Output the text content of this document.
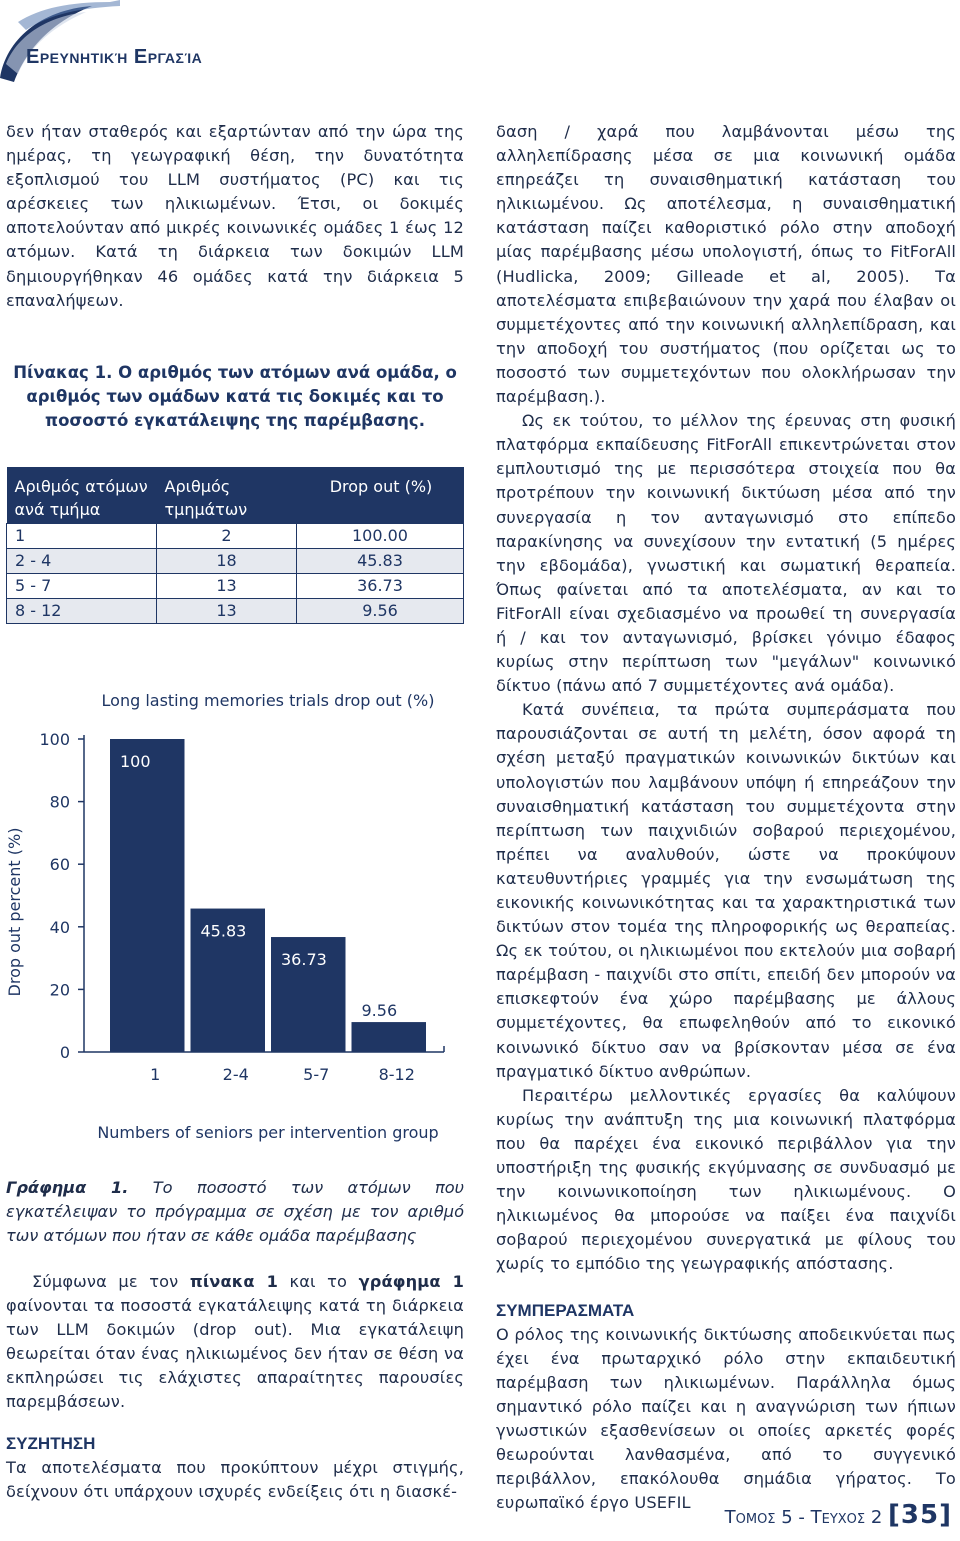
Ερευνητική Εργασία

δεν ήταν σταθερός και εξαρτώνταν από την ώρα της ημέρας, τη γεωγραφική θέση, την δυνατότητα εξοπλισμού του LLM συστήματος (PC) και τις αρέσκειες των ηλικιωμένων. Έτσι, οι δοκιμές αποτελούνταν από μικρές κοινωνικές ομάδες 1 έως 12 ατόμων. Κατά τη διάρκεια των δοκιμών LLM δημιουργήθηκαν 46 ομάδες κατά την διάρκεια 5 επαναλήψεων.

Πίνακας 1. Ο αριθμός των ατόμων ανά ομάδα, ο αριθμός των ομάδων κατά τις δοκιμές και το ποσοστό εγκατάλειψης της παρέμβασης.
Αριθμός ατόμων ανά τμήμα	Αριθμός τμημάτων	Drop out (%)
1	2	100.00
2 - 4	18	45.83
5 - 7	13	36.73
8 - 12	13	9.56
Long lasting memories trials drop out (%)
Drop out percent (%)
Numbers of seniors per intervention group
0
20
40
60
80
100
1	2-4	5-7	8-12
100
45.83
36.73
9.56
Γράφημα 1. Το ποσοστό των ατόμων που εγκατέλειψαν το πρόγραμμα σε σχέση με τον αριθμό των ατόμων που ήταν σε κάθε ομάδα παρέμβασης

Σύμφωνα με τον πίνακα 1 και το γράφημα 1 φαίνονται τα ποσοστά εγκατάλειψης κατά τη διάρκεια των LLM δοκιμών (drop out). Μια εγκατάλειψη θεωρείται όταν ένας ηλικιωμένος δεν ήταν σε θέση να εκπληρώσει τις ελάχιστες απαραίτητες παρουσίες παρεμβάσεων.

ΣΥΖΗΤΗΣΗ

Τα αποτελέσματα που προκύπτουν μέχρι στιγμής, δείχνουν ότι υπάρχουν ισχυρές ενδείξεις ότι η διασκέ-

δαση / χαρά που λαμβάνονται μέσω της αλληλεπίδρασης μέσα σε μια κοινωνική ομάδα επηρεάζει τη συναισθηματική κατάσταση του ηλικιωμένου. Ως αποτέλεσμα, η συναισθηματική κατάσταση παίζει καθοριστικό ρόλο στην αποδοχή μίας παρέμβασης μέσω υπολογιστή, όπως το FitForAll (Hudlicka, 2009; Gilleade et al, 2005). Τα αποτελέσματα επιβεβαιώνουν την χαρά που έλαβαν οι συμμετέχοντες από την κοινωνική αλληλεπίδραση, και την αποδοχή του συστήματος (που ορίζεται ως το ποσοστό των συμμετεχόντων που ολοκλήρωσαν την παρέμβαση.).

Ως εκ τούτου, το μέλλον της έρευνας στη φυσική πλατφόρμα εκπαίδευσης FitForAll επικεντρώνεται στον εμπλουτισμό της με περισσότερα στοιχεία που θα προτρέπουν την κοινωνική δικτύωση μέσα από την συνεργασία η τον ανταγωνισμό στο επίπεδο παρακίνησης να συνεχίσουν την εντατική (5 ημέρες την εβδομάδα), γνωστική και σωματική θεραπεία. Όπως φαίνεται από τα αποτελέσματα, αν και το FitForAll είναι σχεδιασμένο να προωθεί τη συνεργασία ή / και τον ανταγωνισμό, βρίσκει γόνιμο έδαφος κυρίως στην περίπτωση των "μεγάλων" κοινωνικό δίκτυο (πάνω από 7 συμμετέχοντες ανά ομάδα).

Κατά συνέπεια, τα πρώτα συμπεράσματα που παρουσιάζονται σε αυτή τη μελέτη, όσον αφορά τη σχέση μεταξύ πραγματικών κοινωνικών δικτύων και υπολογιστών που λαμβάνουν υπόψη ή επηρεάζουν την συναισθηματική κατάσταση του συμμετέχοντα στην περίπτωση των παιχνιδιών σοβαρού περιεχομένου, πρέπει να αναλυθούν, ώστε να προκύψουν κατευθυντήριες γραμμές για την ενσωμάτωση της εικονικής κοινωνικότητας και τα χαρακτηριστικά των δικτύων στον τομέα της πληροφορικής ως θεραπείας. Ως εκ τούτου, οι ηλικιωμένοι που εκτελούν μια σοβαρή παρέμβαση - παιχνίδι στο σπίτι, επειδή δεν μπορούν να επισκεφτούν ένα χώρο παρέμβασης με άλλους συμμετέχοντες, θα επωφεληθούν από το εικονικό κοινωνικό δίκτυο σαν να βρίσκονταν μέσα σε ένα πραγματικό δίκτυο ανθρώπων.

Περαιτέρω μελλοντικές εργασίες θα καλύψουν κυρίως την ανάπτυξη της μια κοινωνική πλατφόρμα που θα παρέχει ένα εικονικό περιβάλλον για την υποστήριξη της φυσικής εκγύμνασης σε συνδυασμό με την κοινωνικοποίηση των ηλικιωμένους. Ο ηλικιωμένος θα μπορούσε να παίξει ένα παιχνίδι σοβαρού περιεχομένου συνεργατικά με φίλους του χωρίς το εμπόδιο της γεωγραφικής απόστασης.

ΣΥΜΠΕΡΑΣΜΑΤΑ

Ο ρόλος της κοινωνικής δικτύωσης αποδεικνύεται πως έχει ένα πρωταρχικό ρόλο στην εκπαιδευτική παρέμβαση των ηλικιωμένων. Παράλληλα όμως σημαντικό ρόλο παίζει και η αναγνώριση των ήπιων γνωστικών εξασθενίσεων οι οποίες αρκετές φορές θεωρούνται λανθασμένα, από το συγγενικό περιβάλλον, επακόλουθα σημάδια γήρατος. Το ευρωπαϊκό έργο USEFIL

Τομος 5 - Τευχος 2 [35]
